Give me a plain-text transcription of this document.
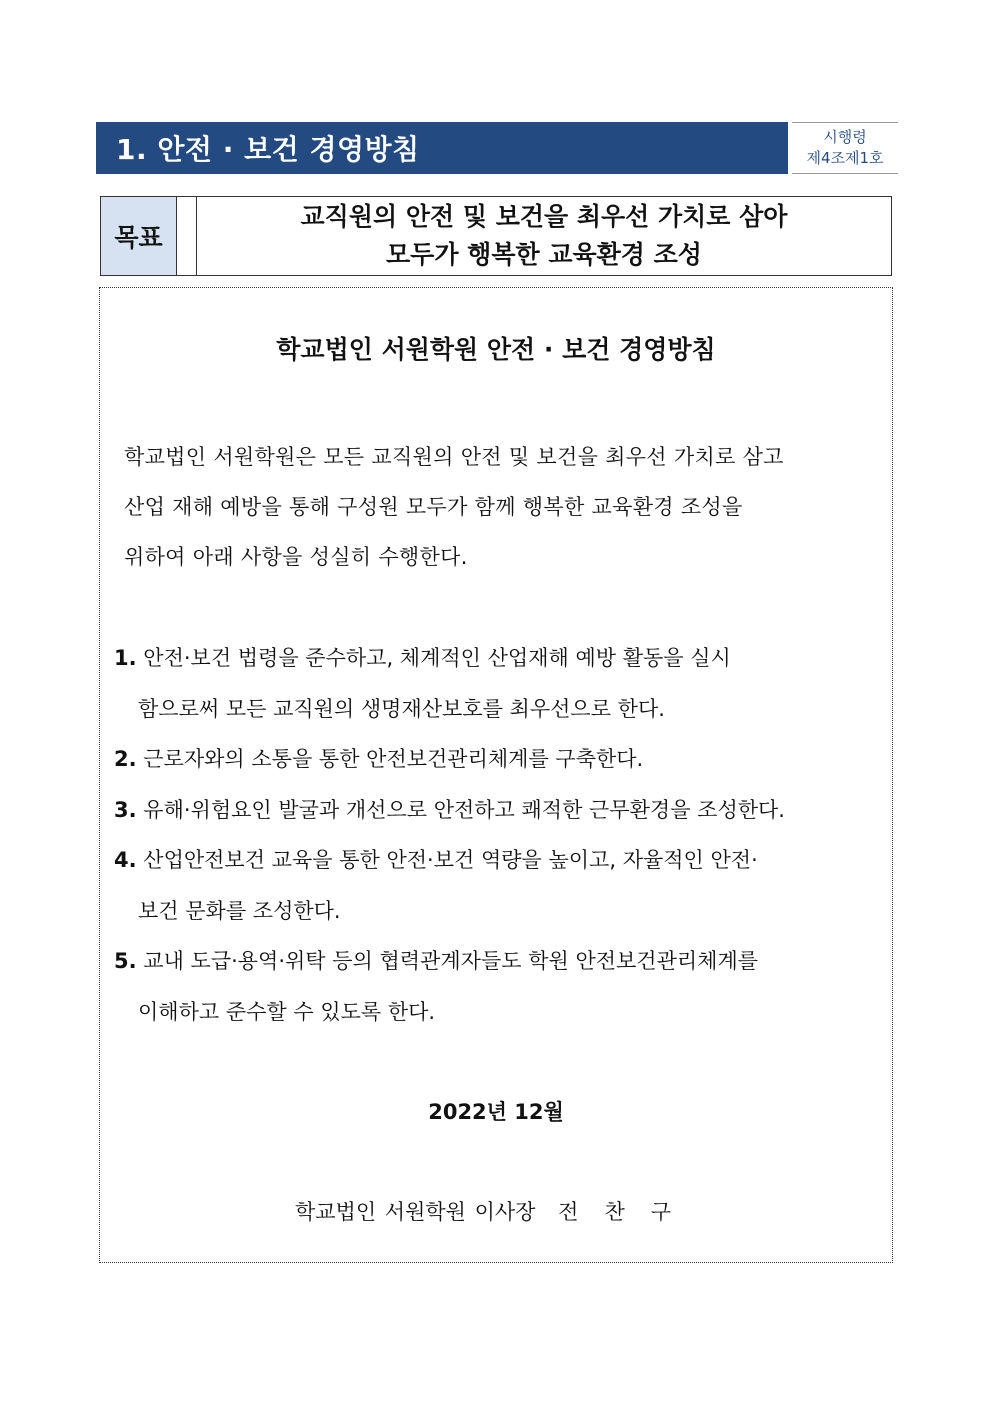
1. 안전 · 보건 경영방침	시행령
제4조제1호
목표
교직원의 안전 및 보건을 최우선 가치로 삼아
모두가 행복한 교육환경 조성
학교법인 서원학원 안전 · 보건 경영방침
학교법인 서원학원은 모든 교직원의 안전 및 보건을 최우선 가치로 삼고
산업 재해 예방을 통해 구성원 모두가 함께 행복한 교육환경 조성을
위하여 아래 사항을 성실히 수행한다.
1. 안전·보건 법령을 준수하고, 체계적인 산업재해 예방 활동을 실시
함으로써 모든 교직원의 생명재산보호를 최우선으로 한다.
2. 근로자와의 소통을 통한 안전보건관리체계를 구축한다.
3. 유해·위험요인 발굴과 개선으로 안전하고 쾌적한 근무환경을 조성한다.
4. 산업안전보건 교육을 통한 안전·보건 역량을 높이고, 자율적인 안전·
보건 문화를 조성한다.
5. 교내 도급·용역·위탁 등의 협력관계자들도 학원 안전보건관리체계를
이해하고 준수할 수 있도록 한다.
2022년 12월
학교법인 서원학원 이사장 전찬구
